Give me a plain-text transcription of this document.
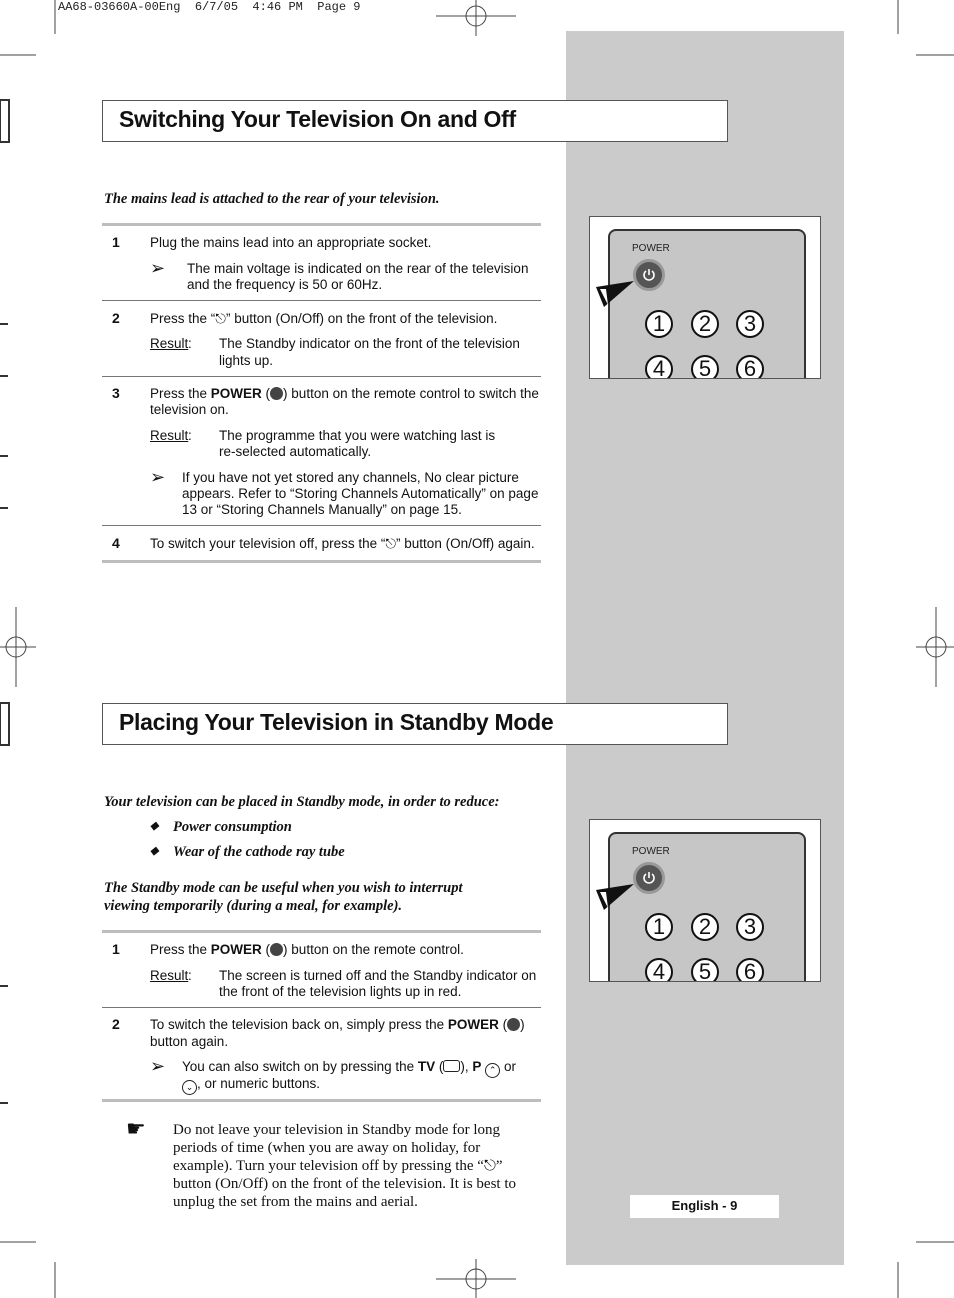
AA68-03660A-00Eng  6/7/05  4:46 PM  Page 9
Switching Your Television On and Off
The mains lead is attached to the rear of your television.
1 Plug the mains lead into an appropriate socket.
➢ The main voltage is indicated on the rear of the television
and the frequency is 50 or 60Hz.
2 Press the “⎋” button (On/Off) on the front of the television.
Result : The Standby indicator on the front of the television
lights up.
3 Press the POWER ( ) button on the remote control to switch the
television on.
Result : The programme that you were watching last is
re-selected automatically.
➢ If you have not yet stored any channels, No clear picture
appears. Refer to “Storing Channels Automatically” on page
13 or “Storing Channels Manually” on page 15.
4 To switch your television off, press the “⎋” button (On/Off) again.
POWER
1	2	3
4	5	6
Placing Your Television in Standby Mode
Your television can be placed in Standby mode, in order to reduce:
◆ Power consumption
◆ Wear of the cathode ray tube
The Standby mode can be useful when you wish to interrupt
viewing temporarily (during a meal, for example).
1 Press the POWER ( ) button on the remote control.
Result : The screen is turned off and the Standby indicator on
the front of the television lights up in red.
2 To switch the television back on, simply press the POWER ( )
button again.
➢ You can also switch on by pressing the TV ( ), P ⌃ or
⌄ , or numeric buttons.
☛ Do not leave your television in Standby mode for long
periods of time (when you are away on holiday, for
example). Turn your television off by pressing the “⎋”
button (On/Off) on the front of the television. It is best to
unplug the set from the mains and aerial.
POWER
1	2	3
4	5	6
English - 9
